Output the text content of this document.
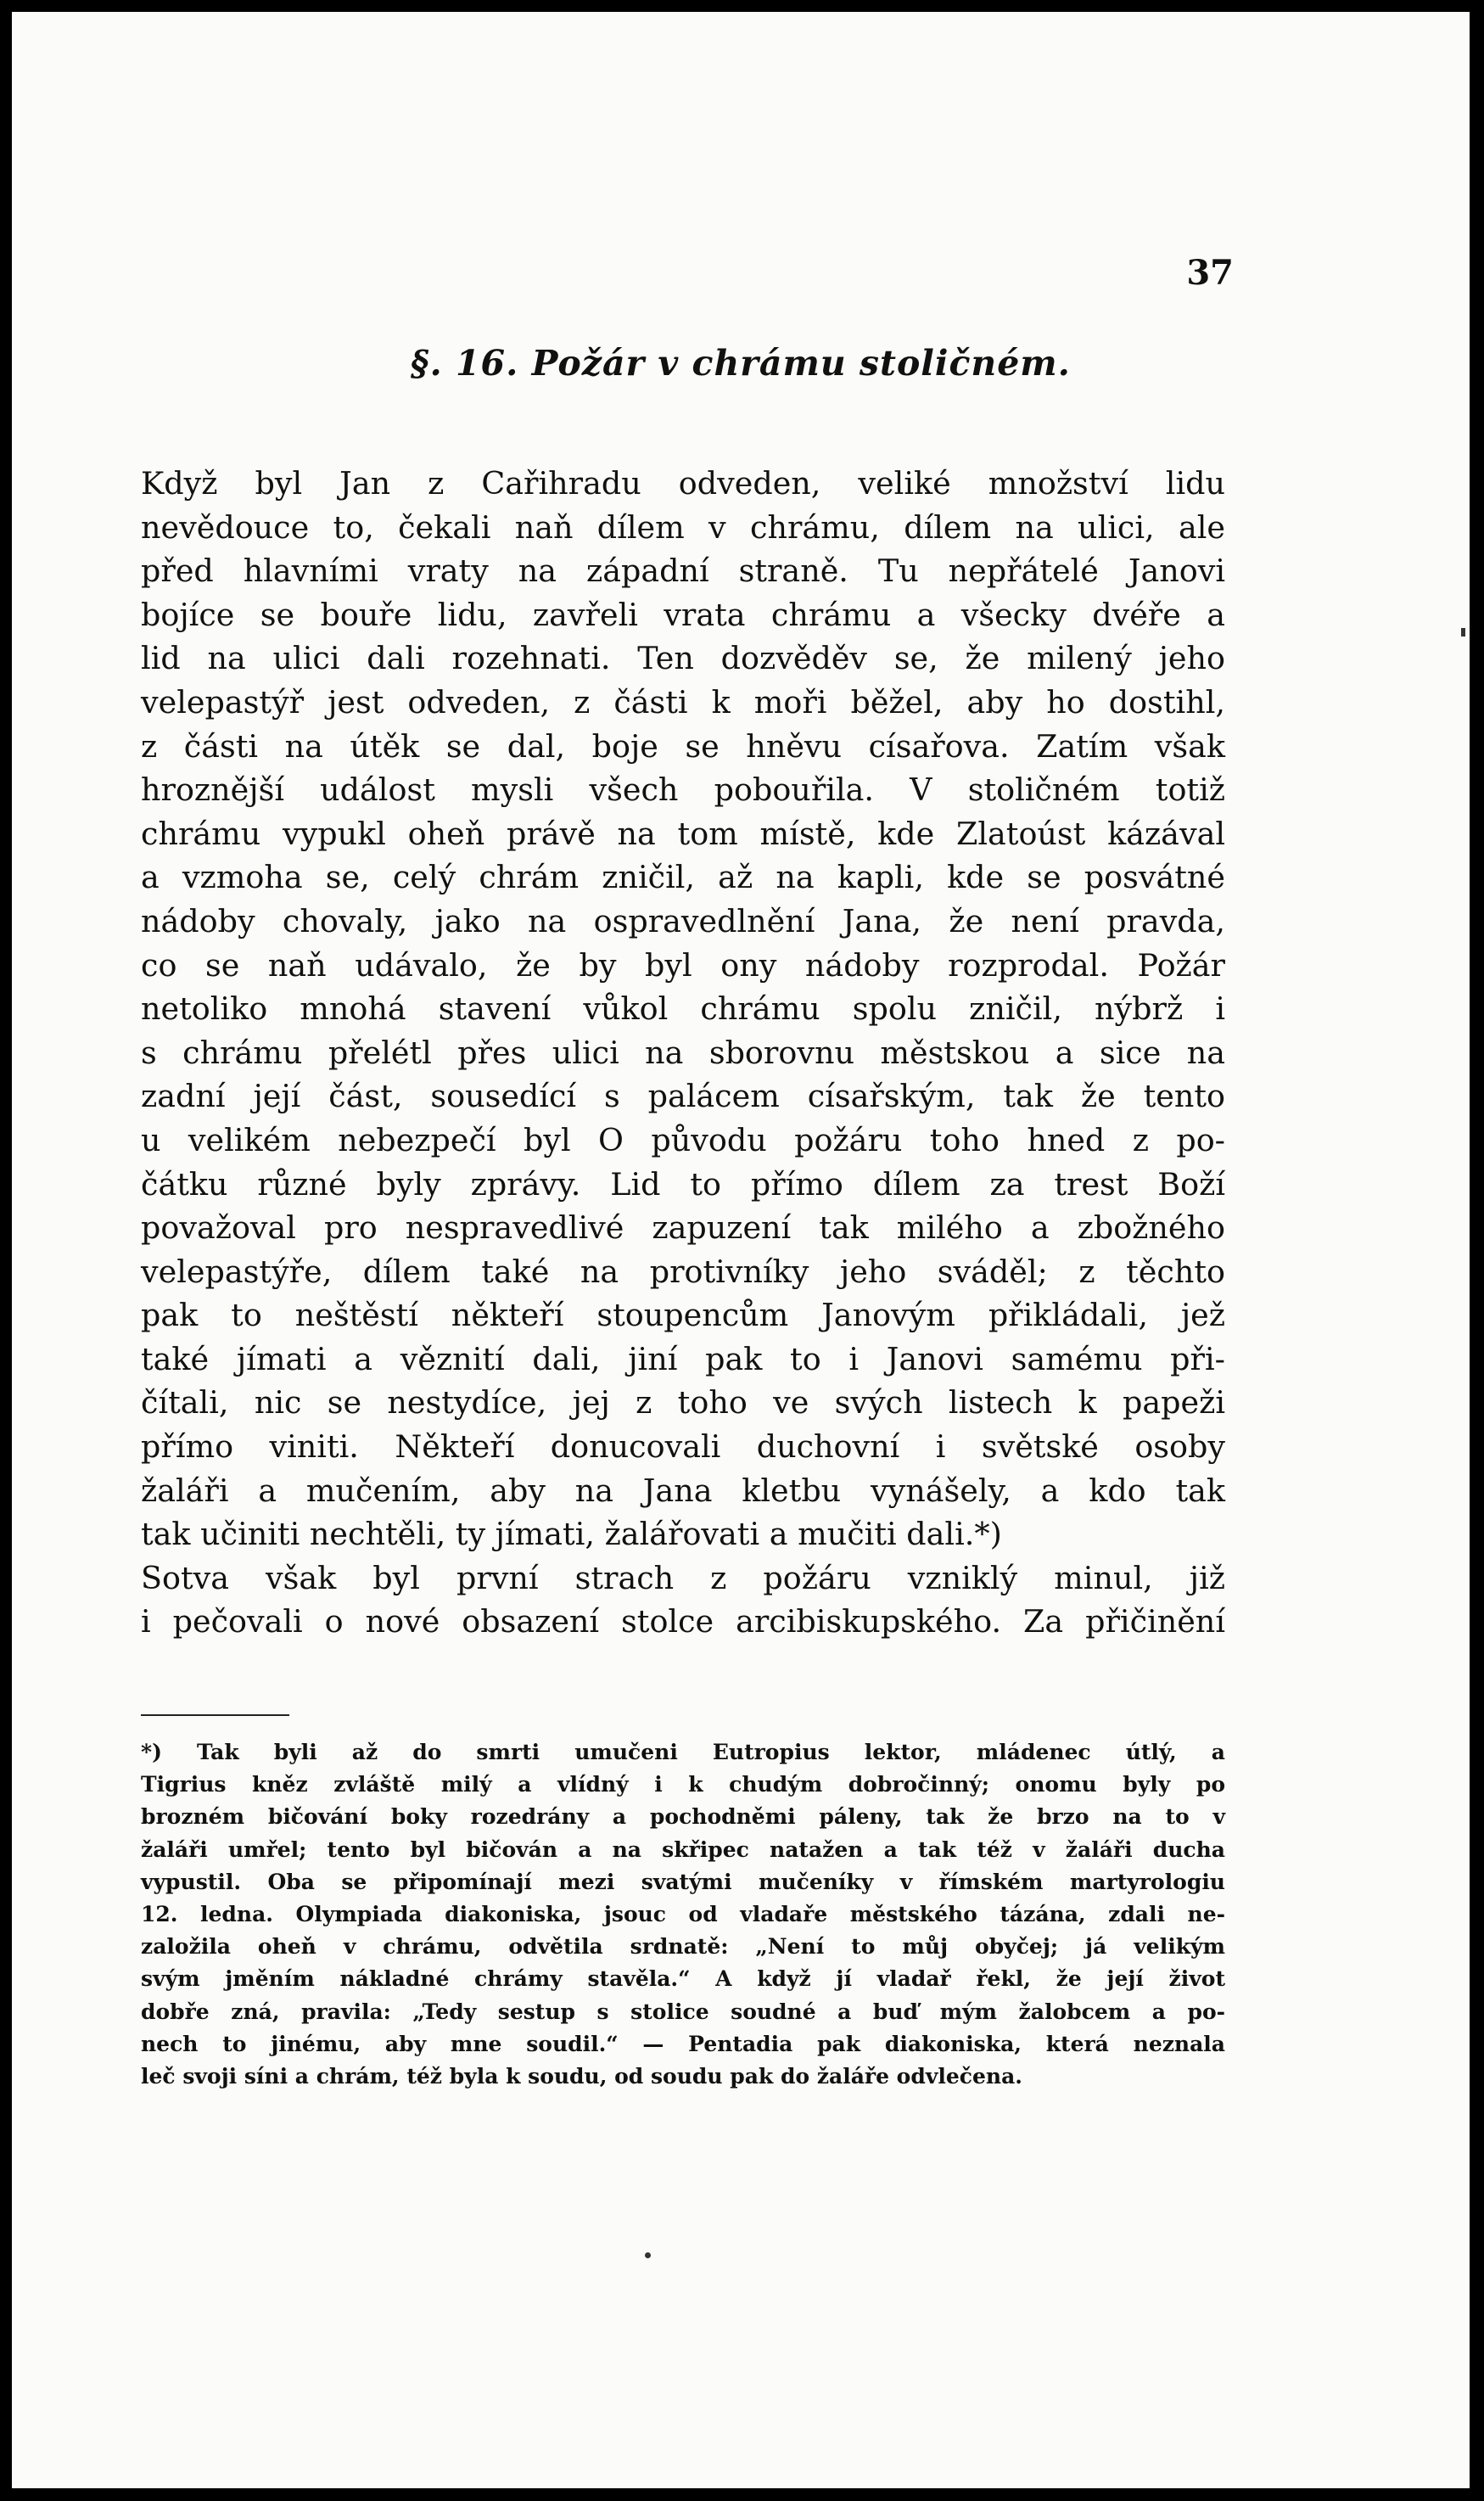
37
§. 16. Požár v chrámu stoličném.
Když byl Jan z Cařihradu odveden, veliké množství lidu
nevědouce to, čekali naň dílem v chrámu, dílem na ulici, ale
před hlavními vraty na západní straně. Tu nepřátelé Janovi
bojíce se bouře lidu, zavřeli vrata chrámu a všecky dvéře a
lid na ulici dali rozehnati. Ten dozvěděv se, že milený jeho
velepastýř jest odveden, z části k moři běžel, aby ho dostihl,
z části na útěk se dal, boje se hněvu císařova. Zatím však
hroznější událost mysli všech pobouřila. V stoličném totiž
chrámu vypukl oheň právě na tom místě, kde Zlatoúst kázával
a vzmoha se, celý chrám zničil, až na kapli, kde se posvátné
nádoby chovaly, jako na ospravedlnění Jana, že není pravda,
co se naň udávalo, že by byl ony nádoby rozprodal. Požár
netoliko mnohá stavení vůkol chrámu spolu zničil, nýbrž i
s chrámu přelétl přes ulici na sborovnu městskou a sice na
zadní její část, sousedící s palácem císařským, tak že tento
u velikém nebezpečí byl O původu požáru toho hned z po-
čátku různé byly zprávy. Lid to přímo dílem za trest Boží
považoval pro nespravedlivé zapuzení tak milého a zbožného
velepastýře, dílem také na protivníky jeho sváděl; z těchto
pak to neštěstí někteří stoupencům Janovým přikládali, jež
také jímati a věznití dali, jiní pak to i Janovi samému při-
čítali, nic se nestydíce, jej z toho ve svých listech k papeži
přímo viniti. Někteří donucovali duchovní i světské osoby
žaláři a mučením, aby na Jana kletbu vynášely, a kdo tak
tak učiniti nechtěli, ty jímati, žalářovati a mučiti dali.*)
Sotva však byl první strach z požáru vzniklý minul, již
i pečovali o nové obsazení stolce arcibiskupského. Za přičinění
*) Tak byli až do smrti umučeni Eutropius lektor, mládenec útlý, a
Tigrius kněz zvláště milý a vlídný i k chudým dobročinný; onomu byly po
brozném bičování boky rozedrány a pochodněmi páleny, tak že brzo na to v
žaláři umřel; tento byl bičován a na skřipec natažen a tak též v žaláři ducha
vypustil. Oba se připomínají mezi svatými mučeníky v římském martyrologiu
12. ledna. Olympiada diakoniska, jsouc od vladaře městského tázána, zdali ne-
založila oheň v chrámu, odvětila srdnatě: „Není to můj obyčej; já velikým
svým jměním nákladné chrámy stavěla.“ A když jí vladař řekl, že její život
dobře zná, pravila: „Tedy sestup s stolice soudné a buď mým žalobcem a po-
nech to jinému, aby mne soudil.“ — Pentadia pak diakoniska, která neznala
leč svoji síni a chrám, též byla k soudu, od soudu pak do žaláře odvlečena.
